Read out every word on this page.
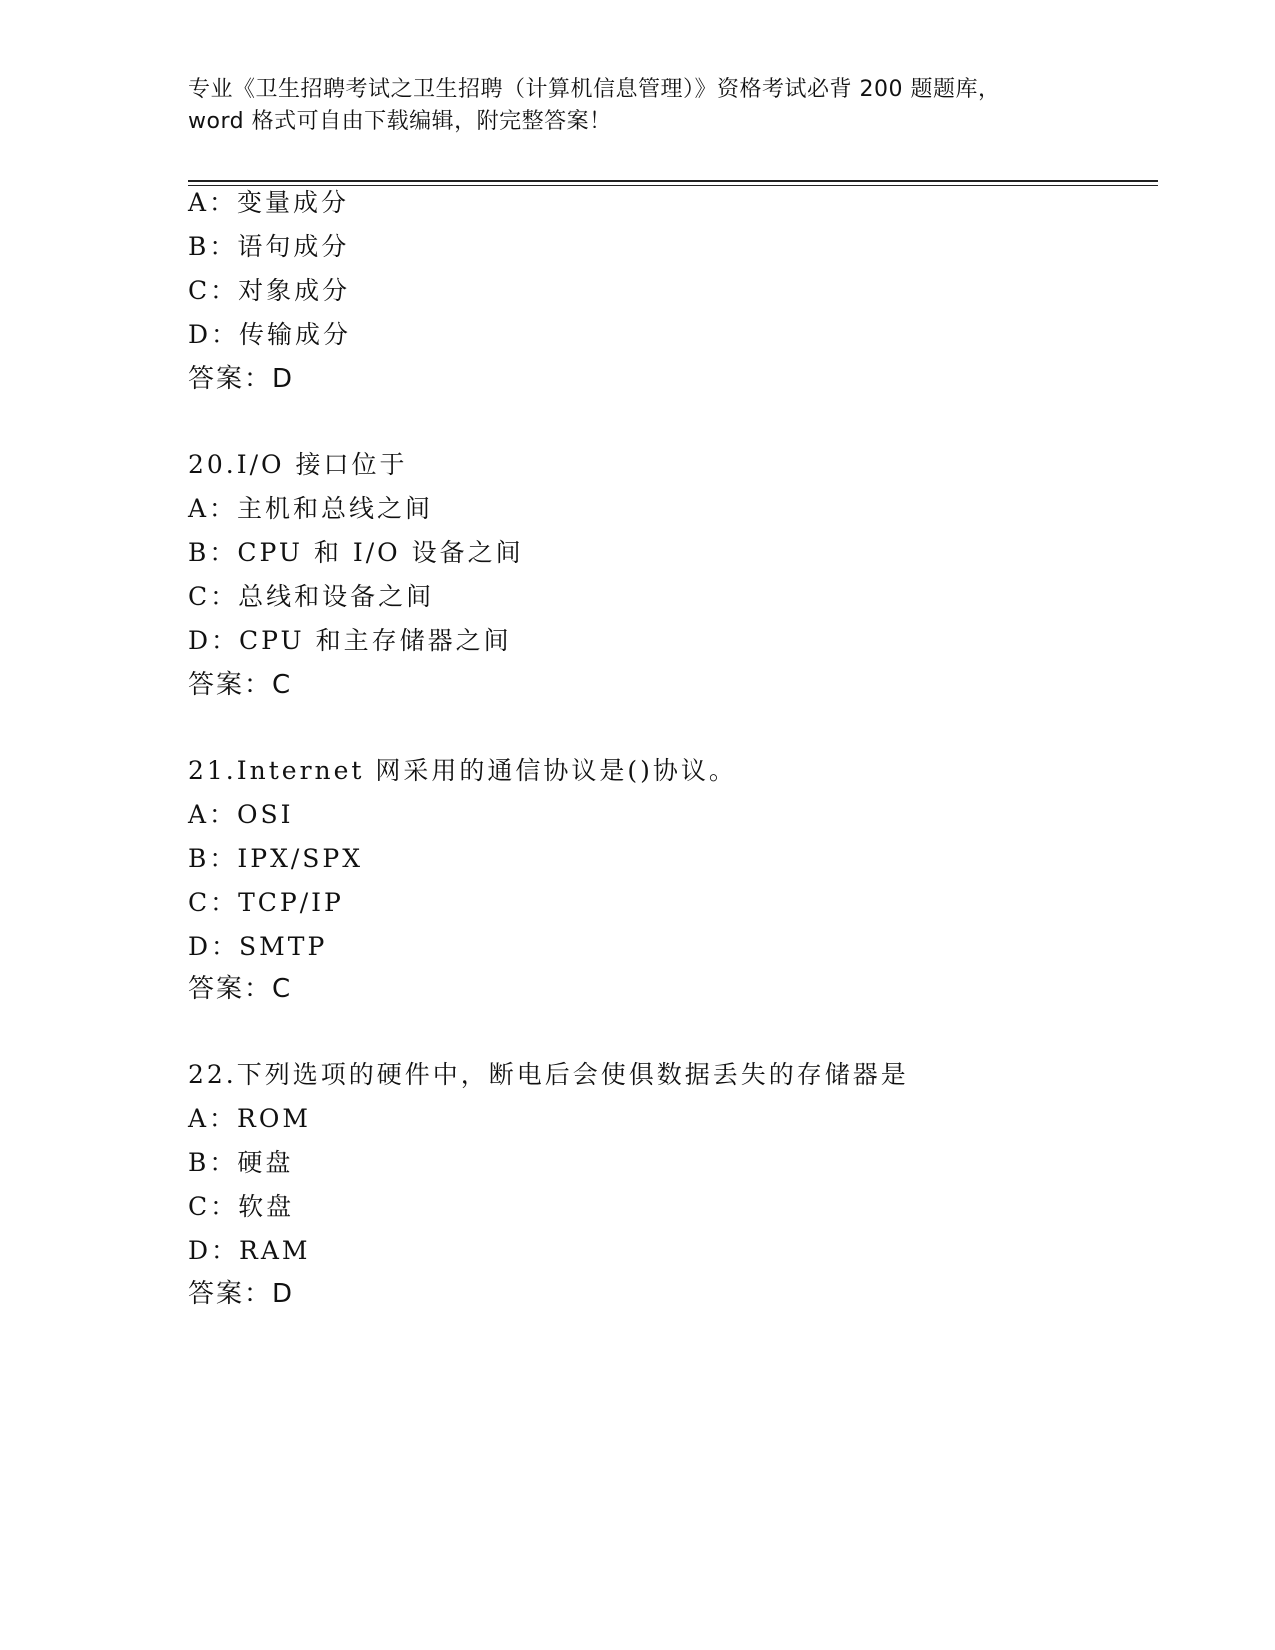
专业《卫生招聘考试之卫生招聘（计算机信息管理）》资格考试必背 200 题题库，
word 格式可自由下载编辑，附完整答案！
A：变量成分
B：语句成分
C：对象成分
D：传输成分
答案：D
20.I/O 接口位于
A：主机和总线之间
B：CPU 和 I/O 设备之间
C：总线和设备之间
D：CPU 和主存储器之间
答案：C
21.Internet 网采用的通信协议是()协议。
A：OSI
B：IPX/SPX
C：TCP/IP
D：SMTP
答案：C
22.下列选项的硬件中，断电后会使俱数据丢失的存储器是
A：ROM
B：硬盘
C：软盘
D：RAM
答案：D
